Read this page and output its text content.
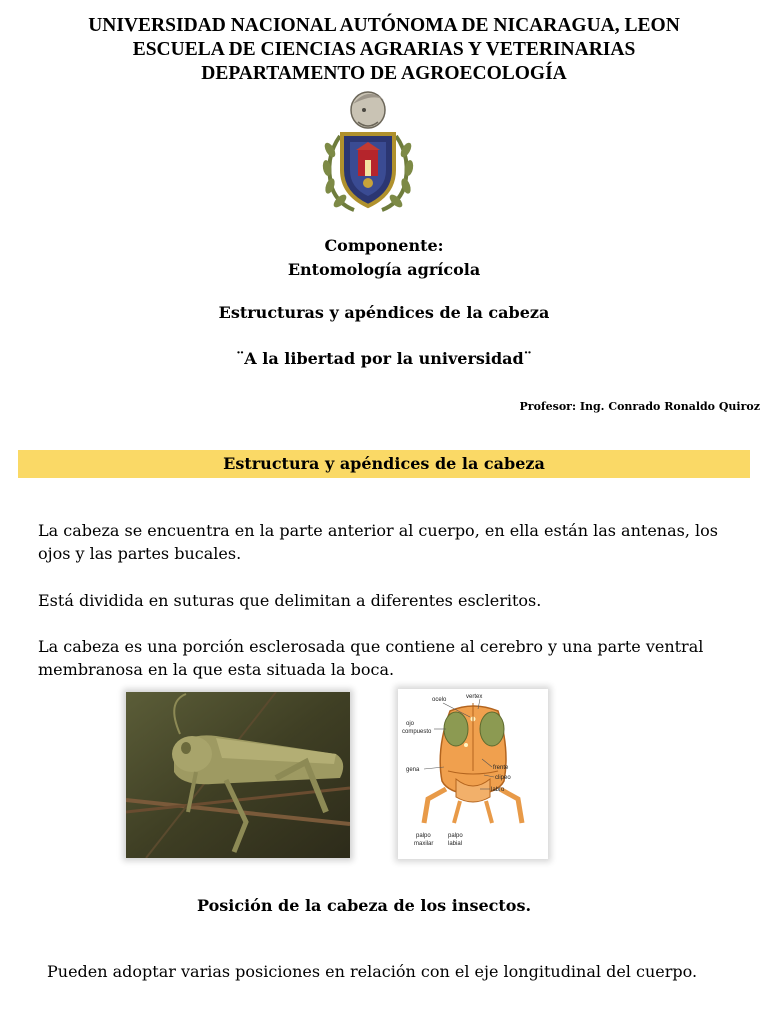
UNIVERSIDAD NACIONAL AUTÓNOMA DE NICARAGUA, LEON
ESCUELA DE CIENCIAS AGRARIAS Y VETERINARIAS
DEPARTAMENTO DE AGROECOLOGÍA
Componente:
Entomología agrícola
Estructuras y apéndices de la cabeza
¨A la libertad por la universidad¨
Profesor: Ing. Conrado Ronaldo Quiroz
Estructura y apéndices de la cabeza
La cabeza se encuentra en la parte anterior al cuerpo, en ella están las antenas, los ojos y las partes bucales.
Está dividida en suturas que delimitan a diferentes escleritos.
La cabeza es una porción esclerosada que contiene al cerebro y una parte ventral membranosa en la que esta situada la boca.
ocelo	vertex
ojo
compuesto
gena	frente
clipeo
labro
palpo
maxilar
palpo
labial
Posición de la cabeza de los insectos.
Pueden adoptar varias posiciones en relación con el eje longitudinal del cuerpo.
